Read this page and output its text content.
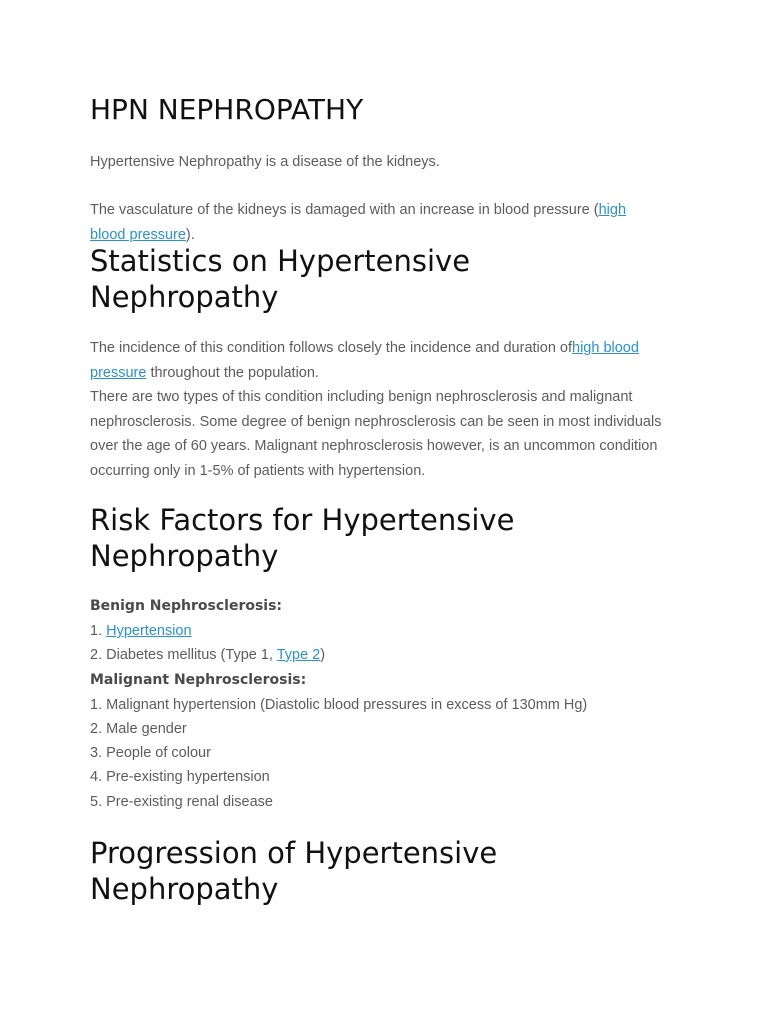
HPN NEPHROPATHY

Hypertensive Nephropathy is a disease of the kidneys.

The vasculature of the kidneys is damaged with an increase in blood pressure (high blood pressure).

Statistics on Hypertensive Nephropathy

The incidence of this condition follows closely the incidence and duration ofhigh blood pressure throughout the population.

There are two types of this condition including benign nephrosclerosis and malignant nephrosclerosis. Some degree of benign nephrosclerosis can be seen in most individuals over the age of 60 years. Malignant nephrosclerosis however, is an uncommon condition occurring only in 1-5% of patients with hypertension.

Risk Factors for Hypertensive Nephropathy

Benign Nephrosclerosis:

1. Hypertension

2. Diabetes mellitus (Type 1, Type 2)

Malignant Nephrosclerosis:

1. Malignant hypertension (Diastolic blood pressures in excess of 130mm Hg)

2. Male gender

3. People of colour

4. Pre-existing hypertension

5. Pre-existing renal disease

Progression of Hypertensive Nephropathy
